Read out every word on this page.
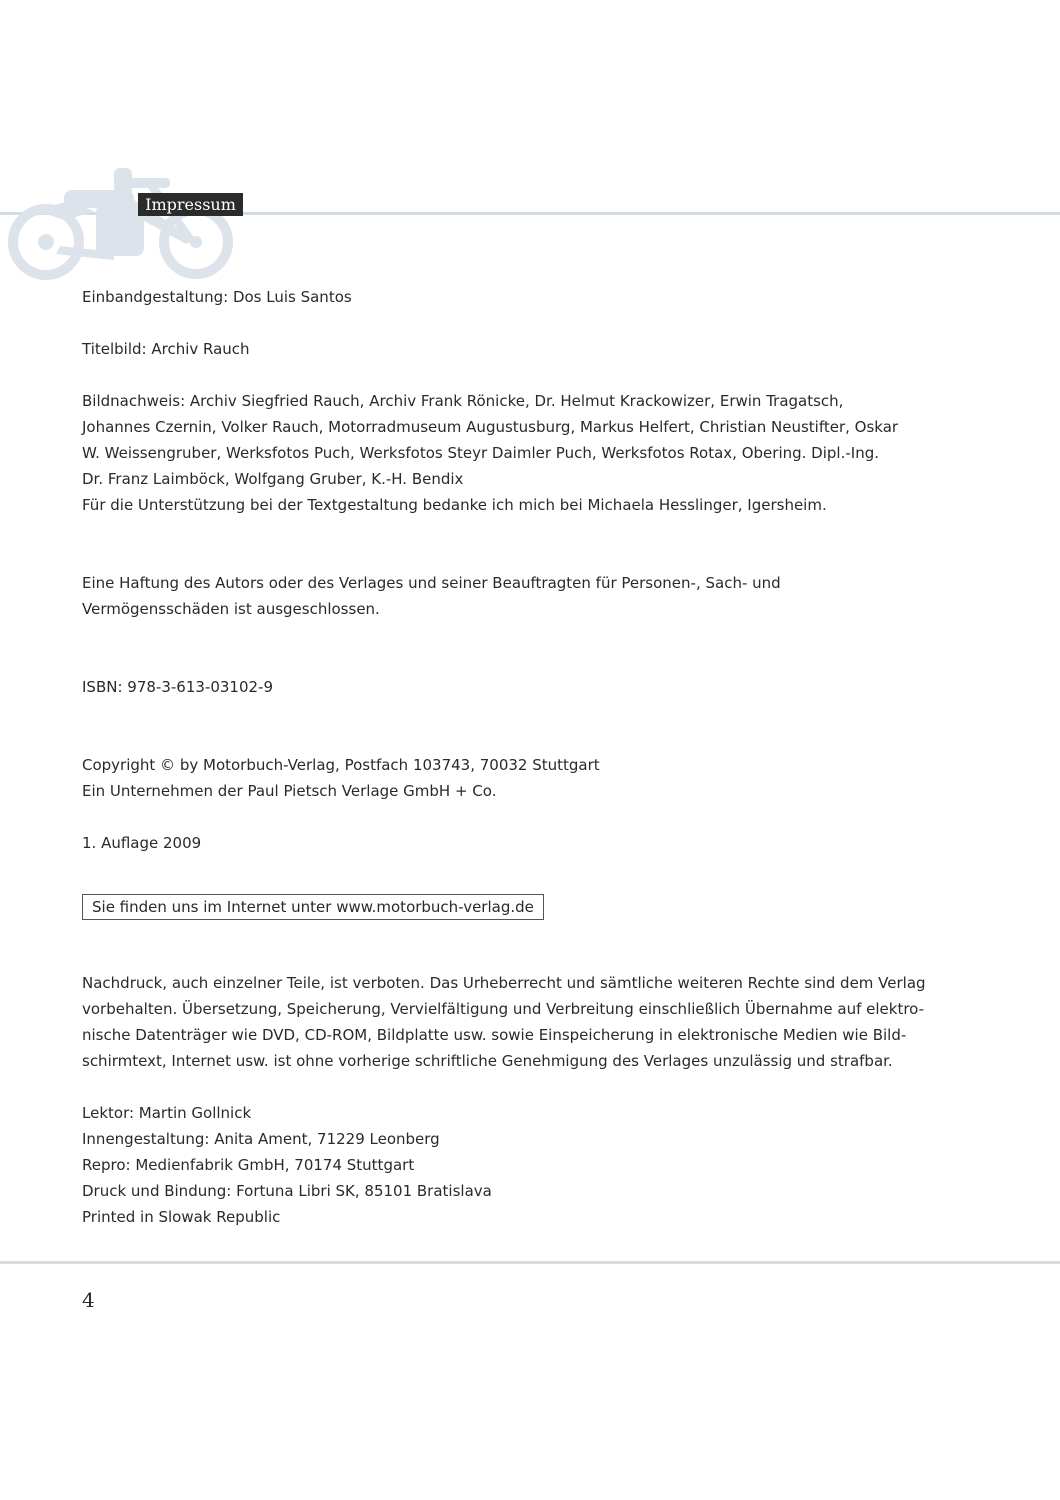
Impressum

Einbandgestaltung: Dos Luis Santos

Titelbild: Archiv Rauch

Bildnachweis: Archiv Siegfried Rauch, Archiv Frank Rönicke, Dr. Helmut Krackowizer, Erwin Tragatsch,
Johannes Czernin, Volker Rauch, Motorradmuseum Augustusburg, Markus Helfert, Christian Neustifter, Oskar
W. Weissengruber, Werksfotos Puch, Werksfotos Steyr Daimler Puch, Werksfotos Rotax, Obering. Dipl.-Ing.
Dr. Franz Laimböck, Wolfgang Gruber, K.-H. Bendix
Für die Unterstützung bei der Textgestaltung bedanke ich mich bei Michaela Hesslinger, Igersheim.

Eine Haftung des Autors oder des Verlages und seiner Beauftragten für Personen-, Sach- und
Vermögensschäden ist ausgeschlossen.

ISBN: 978-3-613-03102-9

Copyright © by Motorbuch-Verlag, Postfach 103743, 70032 Stuttgart
Ein Unternehmen der Paul Pietsch Verlage GmbH + Co.

1. Auflage 2009

Sie finden uns im Internet unter www.motorbuch-verlag.de

Nachdruck, auch einzelner Teile, ist verboten. Das Urheberrecht und sämtliche weiteren Rechte sind dem Verlag
vorbehalten. Übersetzung, Speicherung, Vervielfältigung und Verbreitung einschließlich Übernahme auf elektro-
nische Datenträger wie DVD, CD-ROM, Bildplatte usw. sowie Einspeicherung in elektronische Medien wie Bild-
schirmtext, Internet usw. ist ohne vorherige schriftliche Genehmigung des Verlages unzulässig und strafbar.

Lektor: Martin Gollnick
Innengestaltung: Anita Ament, 71229 Leonberg
Repro: Medienfabrik GmbH, 70174 Stuttgart
Druck und Bindung: Fortuna Libri SK, 85101 Bratislava
Printed in Slowak Republic

4
